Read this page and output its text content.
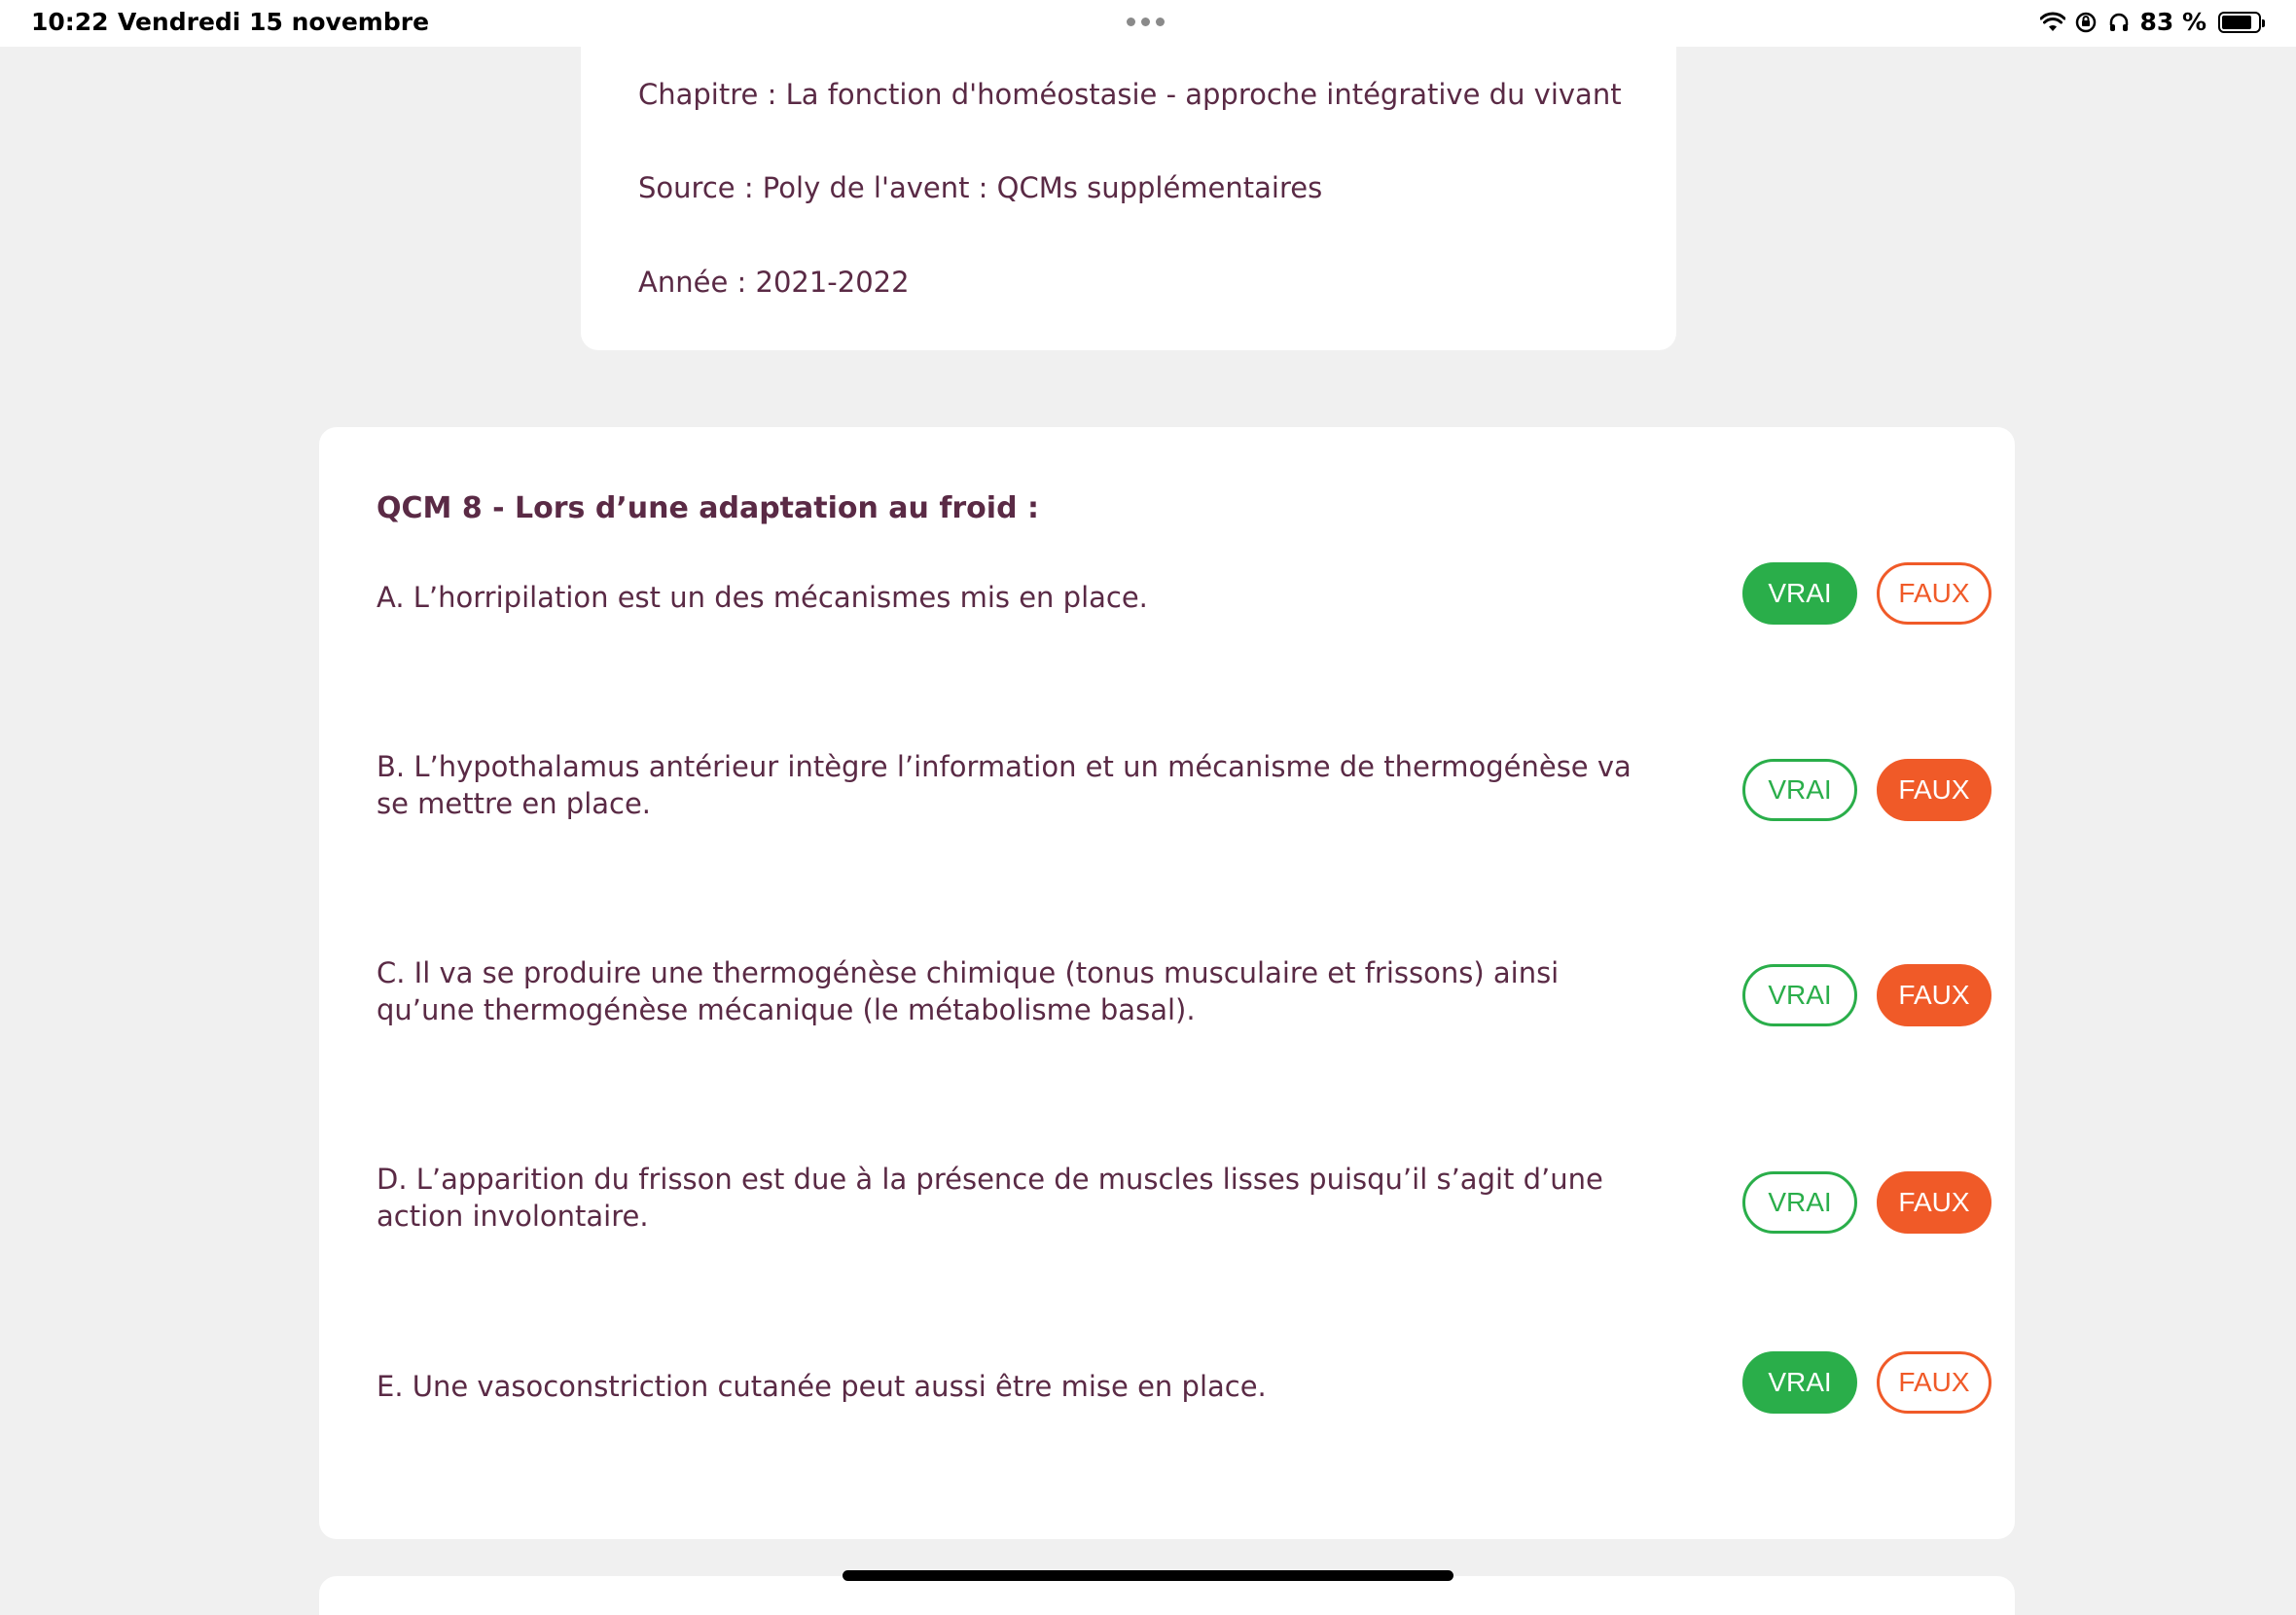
10:22 Vendredi 15 novembre	83 %
Chapitre : La fonction d'homéostasie - approche intégrative du vivant
Source : Poly de l'avent : QCMs supplémentaires
Année : 2021-2022
QCM 8 - Lors d’une adaptation au froid :
A. L’horripilation est un des mécanismes mis en place.	VRAI	FAUX
B. L’hypothalamus antérieur intègre l’information et un mécanisme de thermogénèse va se mettre en place.	VRAI	FAUX
C. Il va se produire une thermogénèse chimique (tonus musculaire et frissons) ainsi qu’une thermogénèse mécanique (le métabolisme basal).	VRAI	FAUX
D. L’apparition du frisson est due à la présence de muscles lisses puisqu’il s’agit d’une action involontaire.	VRAI	FAUX
E. Une vasoconstriction cutanée peut aussi être mise en place.	VRAI	FAUX
